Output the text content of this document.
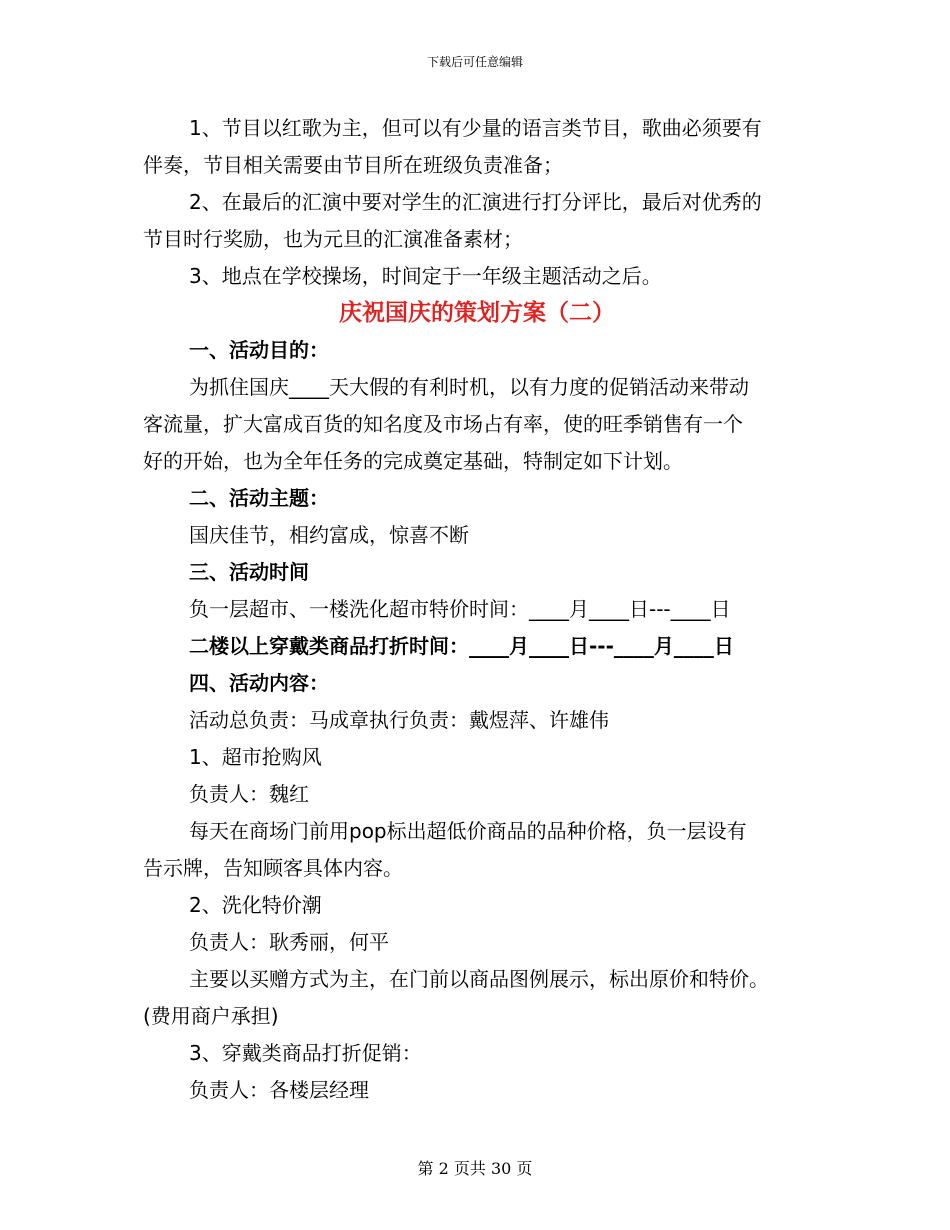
下载后可任意编辑

1、节目以红歌为主，但可以有少量的语言类节目，歌曲必须要有

伴奏，节目相关需要由节目所在班级负责准备；

2、在最后的汇演中要对学生的汇演进行打分评比，最后对优秀的

节目时行奖励，也为元旦的汇演准备素材；

3、地点在学校操场，时间定于一年级主题活动之后。

庆祝国庆的策划方案（二）

一、活动目的：

为抓住国庆____天大假的有利时机，以有力度的促销活动来带动

客流量，扩大富成百货的知名度及市场占有率，使的旺季销售有一个

好的开始，也为全年任务的完成奠定基础，特制定如下计划。

二、活动主题：

国庆佳节，相约富成，惊喜不断

三、活动时间

负一层超市、一楼洗化超市特价时间：____月____日---____日

二楼以上穿戴类商品打折时间：____月____日---____月____日

四、活动内容：

活动总负责：马成章执行负责：戴煜萍、许雄伟

1、超市抢购风

负责人：魏红

每天在商场门前用pop标出超低价商品的品种价格，负一层设有

告示牌，告知顾客具体内容。

2、洗化特价潮

负责人：耿秀丽，何平

主要以买赠方式为主，在门前以商品图例展示，标出原价和特价。

(费用商户承担)

3、穿戴类商品打折促销：

负责人：各楼层经理

第 2 页共 30 页
